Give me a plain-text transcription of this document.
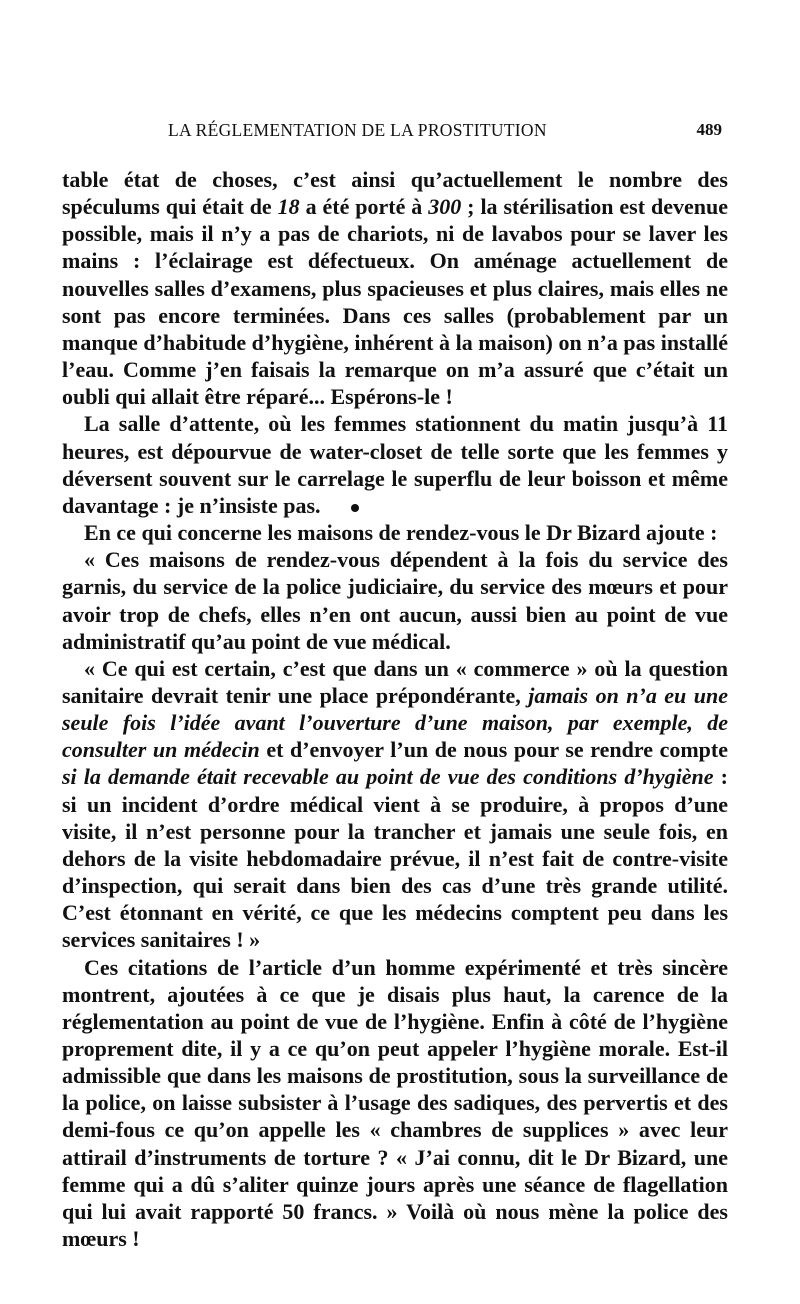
LA RÉGLEMENTATION DE LA PROSTITUTION	489

table état de choses, c’est ainsi qu’actuellement le nombre des spéculums qui était de 18 a été porté à 300 ; la stérilisation est devenue possible, mais il n’y a pas de chariots, ni de lavabos pour se laver les mains : l’éclairage est défectueux. On aménage actuellement de nouvelles salles d’examens, plus spacieuses et plus claires, mais elles ne sont pas encore terminées. Dans ces salles (probablement par un manque d’habitude d’hygiène, inhérent à la maison) on n’a pas installé l’eau. Comme j’en faisais la remarque on m’a assuré que c’était un oubli qui allait être réparé... Espérons-le !

La salle d’attente, où les femmes stationnent du matin jusqu’à 11 heures, est dépourvue de water-closet de telle sorte que les femmes y déversent souvent sur le carrelage le superflu de leur boisson et même davantage : je n’insiste pas.

En ce qui concerne les maisons de rendez-vous le Dr Bizard ajoute :

« Ces maisons de rendez-vous dépendent à la fois du service des garnis, du service de la police judiciaire, du service des mœurs et pour avoir trop de chefs, elles n’en ont aucun, aussi bien au point de vue administratif qu’au point de vue médical.

« Ce qui est certain, c’est que dans un « commerce » où la question sanitaire devrait tenir une place prépondérante, jamais on n’a eu une seule fois l’idée avant l’ouverture d’une maison, par exemple, de consulter un médecin et d’envoyer l’un de nous pour se rendre compte si la demande était recevable au point de vue des conditions d’hygiène : si un incident d’ordre médical vient à se produire, à propos d’une visite, il n’est personne pour la trancher et jamais une seule fois, en dehors de la visite hebdomadaire prévue, il n’est fait de contre-visite d’inspection, qui serait dans bien des cas d’une très grande utilité. C’est étonnant en vérité, ce que les médecins comptent peu dans les services sanitaires ! »

Ces citations de l’article d’un homme expérimenté et très sincère montrent, ajoutées à ce que je disais plus haut, la carence de la réglementation au point de vue de l’hygiène. Enfin à côté de l’hygiène proprement dite, il y a ce qu’on peut appeler l’hygiène morale. Est-il admissible que dans les maisons de prostitution, sous la surveillance de la police, on laisse subsister à l’usage des sadiques, des pervertis et des demi-fous ce qu’on appelle les « chambres de supplices » avec leur attirail d’instruments de torture ? « J’ai connu, dit le Dr Bizard, une femme qui a dû s’aliter quinze jours après une séance de flagellation qui lui avait rapporté 50 francs. » Voilà où nous mène la police des mœurs !
